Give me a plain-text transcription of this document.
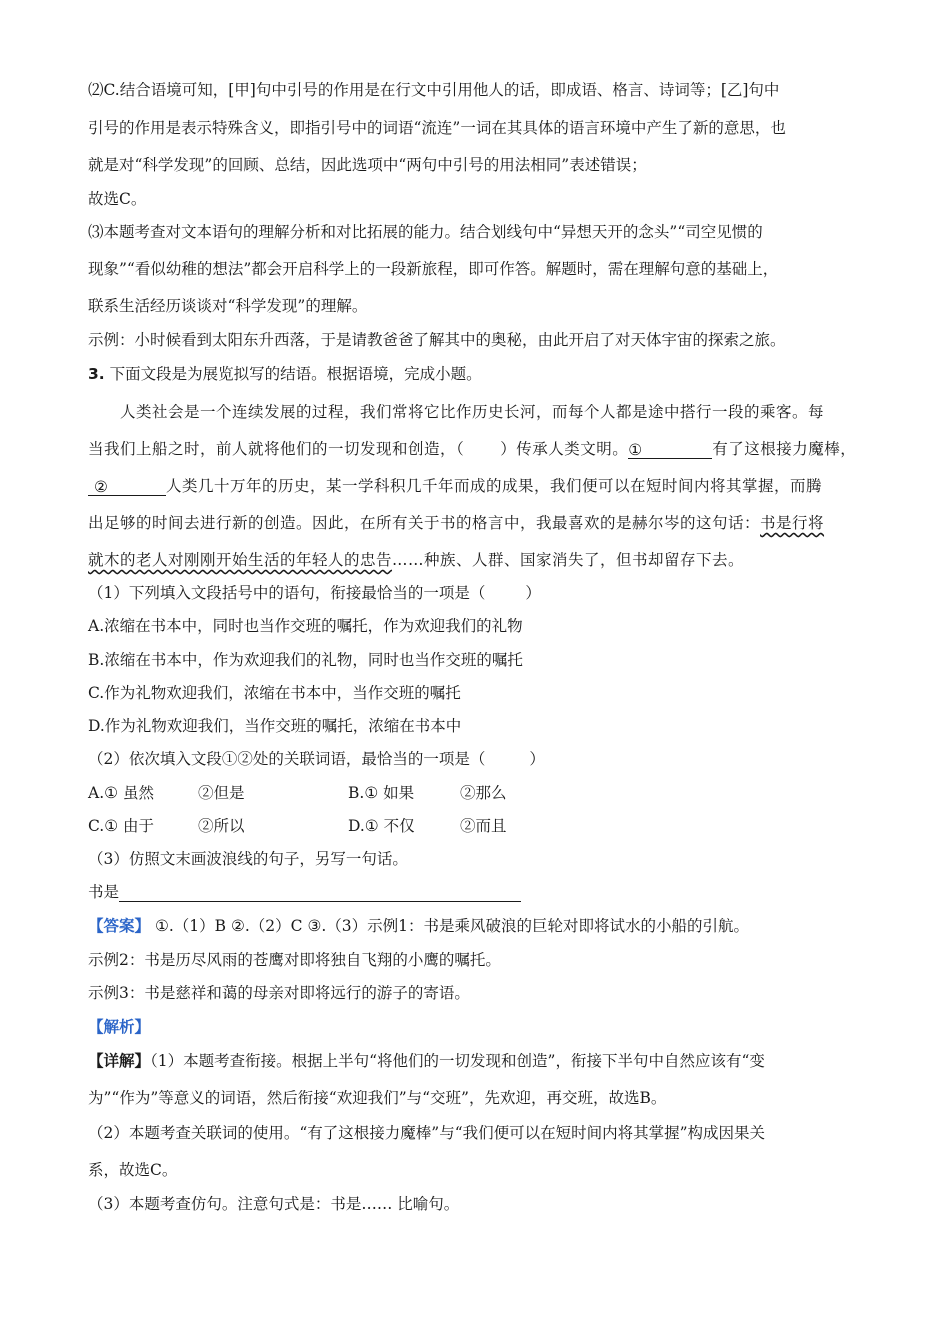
⑵C.结合语境可知，[甲]句中引号的作用是在行文中引用他人的话，即成语、格言、诗词等；[乙]句中
引号的作用是表示特殊含义，即指引号中的词语“流连”一词在其具体的语言环境中产生了新的意思，也
就是对“科学发现”的回顾、总结，因此选项中“两句中引号的用法相同”表述错误；
故选C。
⑶本题考查对文本语句的理解分析和对比拓展的能力。结合划线句中“异想天开的念头”“司空见惯的
现象”“看似幼稚的想法”都会开启科学上的一段新旅程，即可作答。解题时，需在理解句意的基础上，
联系生活经历谈谈对“科学发现”的理解。
示例：小时候看到太阳东升西落，于是请教爸爸了解其中的奥秘，由此开启了对天体宇宙的探索之旅。
3. 下面文段是为展览拟写的结语。根据语境，完成小题。
人类社会是一个连续发展的过程，我们常将它比作历史长河，而每个人都是途中搭行一段的乘客。每
当我们上船之时，前人就将他们的一切发现和创造，（ ）传承人类文明。①	有了这根接力魔棒，
②	人类几十万年的历史，某一学科积几千年而成的成果，我们便可以在短时间内将其掌握，而腾
出足够的时间去进行新的创造。因此，在所有关于书的格言中，我最喜欢的是赫尔岑的这句话：书是行将
就木的老人对刚刚开始生活的年轻人的忠告……种族、人群、国家消失了，但书却留存下去。
（1）下列填入文段括号中的语句，衔接最恰当的一项是（	）
A.浓缩在书本中，同时也当作交班的嘱托，作为欢迎我们的礼物
B.浓缩在书本中，作为欢迎我们的礼物，同时也当作交班的嘱托
C.作为礼物欢迎我们，浓缩在书本中，当作交班的嘱托
D.作为礼物欢迎我们，当作交班的嘱托，浓缩在书本中
（2）依次填入文段①②处的关联词语，最恰当的一项是（	）
A.① 虽然	②但是	B.① 如果	②那么
C.① 由于	②所以	D.① 不仅	②而且
（3）仿照文末画波浪线的句子，另写一句话。
书是
【答案】 ①.（1）B ②.（2）C ③.（3）示例1：书是乘风破浪的巨轮对即将试水的小船的引航。
示例2：书是历尽风雨的苍鹰对即将独自飞翔的小鹰的嘱托。
示例3：书是慈祥和蔼的母亲对即将远行的游子的寄语。
【解析】
【详解】（1）本题考查衔接。根据上半句“将他们的一切发现和创造”，衔接下半句中自然应该有“变
为”“作为”等意义的词语，然后衔接“欢迎我们”与“交班”，先欢迎，再交班，故选B。
（2）本题考查关联词的使用。“有了这根接力魔棒”与“我们便可以在短时间内将其掌握”构成因果关
系，故选C。
（3）本题考查仿句。注意句式是：书是…… 比喻句。
